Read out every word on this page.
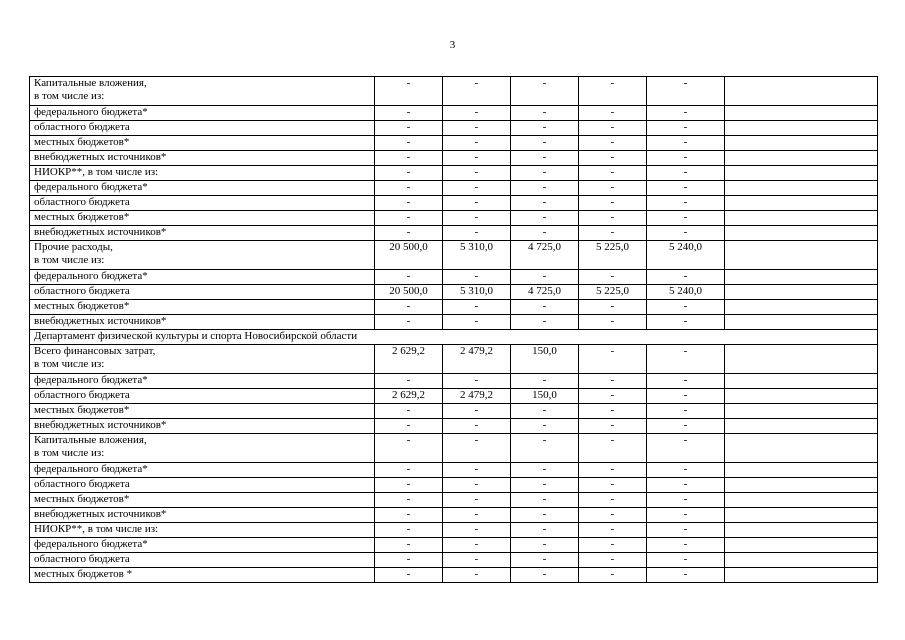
3
Капитальные вложения,
в том числе из:	-	-	-	-	-	

федерального бюджета*	-	-	-	-	-	

областного бюджета	-	-	-	-	-	

местных бюджетов*	-	-	-	-	-	

внебюджетных источников*	-	-	-	-	-	

НИОКР**, в том числе из:	-	-	-	-	-	

федерального бюджета*	-	-	-	-	-	

областного бюджета	-	-	-	-	-	

местных бюджетов*	-	-	-	-	-	

внебюджетных источников*	-	-	-	-	-	

Прочие расходы,
в том числе из:	20 500,0	5 310,0	4 725,0	5 225,0	5 240,0	

федерального бюджета*	-	-	-	-	-	

областного бюджета	20 500,0	5 310,0	4 725,0	5 225,0	5 240,0	

местных бюджетов*	-	-	-	-	-	

внебюджетных источников*	-	-	-	-	-	
Департамент физической культуры и спорта Новосибирской области						

Всего финансовых затрат,
в том числе из:	2 629,2	2 479,2	150,0	-	-	

федерального бюджета*	-	-	-	-	-	

областного бюджета	2 629,2	2 479,2	150,0	-	-	

местных бюджетов*	-	-	-	-	-	

внебюджетных источников*	-	-	-	-	-	

Капитальные вложения,
в том числе из:	-	-	-	-	-	

федерального бюджета*	-	-	-	-	-	

областного бюджета	-	-	-	-	-	

местных бюджетов*	-	-	-	-	-	

внебюджетных источников*	-	-	-	-	-	

НИОКР**, в том числе из:	-	-	-	-	-	

федерального бюджета*	-	-	-	-	-	

областного бюджета	-	-	-	-	-	

местных бюджетов *	-	-	-	-	-	
